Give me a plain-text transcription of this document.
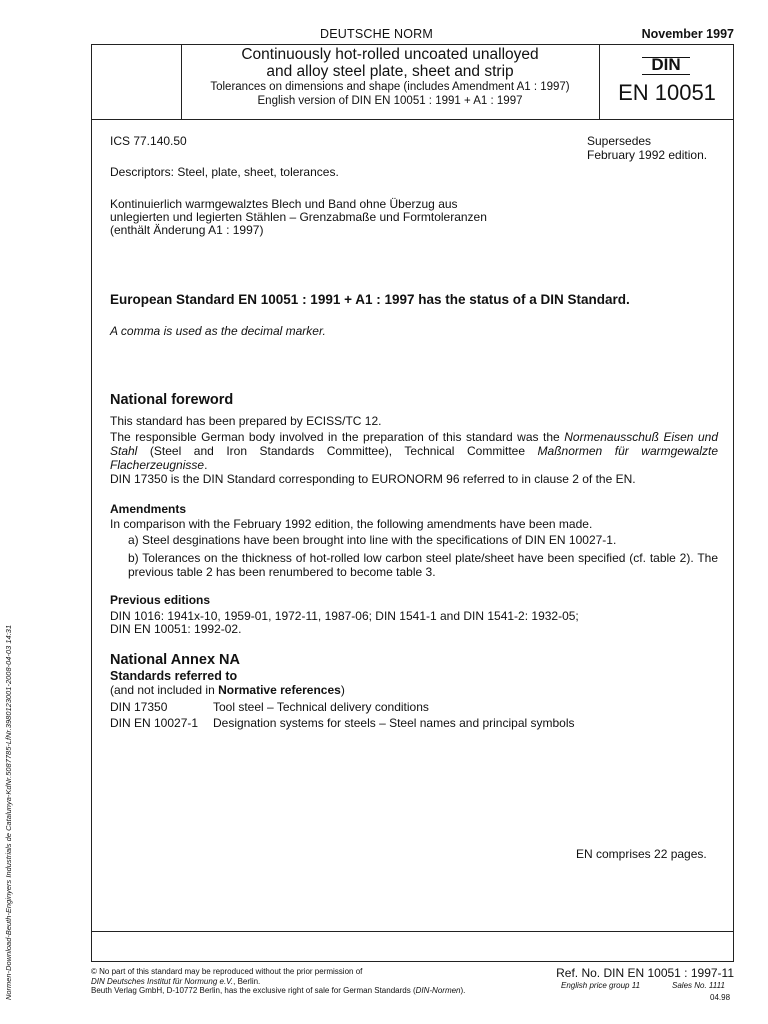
DEUTSCHE NORM	November 1997
Continuously hot-rolled uncoated unalloyed
and alloy steel plate, sheet and strip
Tolerances on dimensions and shape (includes Amendment A1 : 1997)
English version of DIN EN 10051 : 1991 + A1 : 1997
DIN
EN 10051
ICS 77.140.50	Supersedes
February 1992 edition.
Descriptors: Steel, plate, sheet, tolerances.
Kontinuierlich warmgewalztes Blech und Band ohne Überzug aus
unlegierten und legierten Stählen – Grenzabmaße und Formtoleranzen
(enthält Änderung A1 : 1997)
European Standard EN 10051 : 1991 + A1 : 1997 has the status of a DIN Standard.
A comma is used as the decimal marker.
National foreword
This standard has been prepared by ECISS/TC 12.
The responsible German body involved in the preparation of this standard was the Normenausschuß Eisen und Stahl (Steel and Iron Standards Committee), Technical Committee Maßnormen für warmgewalzte Flacherzeugnisse.
DIN 17350 is the DIN Standard corresponding to EURONORM 96 referred to in clause 2 of the EN.
Amendments
In comparison with the February 1992 edition, the following amendments have been made.
a) Steel desginations have been brought into line with the specifications of DIN EN 10027-1.
b) Tolerances on the thickness of hot-rolled low carbon steel plate/sheet have been specified (cf. table 2). The previous table 2 has been renumbered to become table 3.
Previous editions
DIN 1016: 1941x-10, 1959-01, 1972-11, 1987-06; DIN 1541-1 and DIN 1541-2: 1932-05;
DIN EN 10051: 1992-02.
National Annex NA
Standards referred to
(and not included in Normative references)
DIN 17350	Tool steel – Technical delivery conditions
DIN EN 10027-1 Designation systems for steels – Steel names and principal symbols
EN comprises 22 pages.
© No part of this standard may be reproduced without the prior permission of
DIN Deutsches Institut für Normung e.V., Berlin.
Beuth Verlag GmbH, D-10772 Berlin, has the exclusive right of sale for German Standards (DIN-Normen).
Ref. No. DIN EN 10051 : 1997-11
English price group 11	Sales No. 1111
04.98
Normen-Download-Beuth-Enginyers Industrials de Catalunya-KdNr.5087785-LfNr.3980123001-2008-04-03 14:31
